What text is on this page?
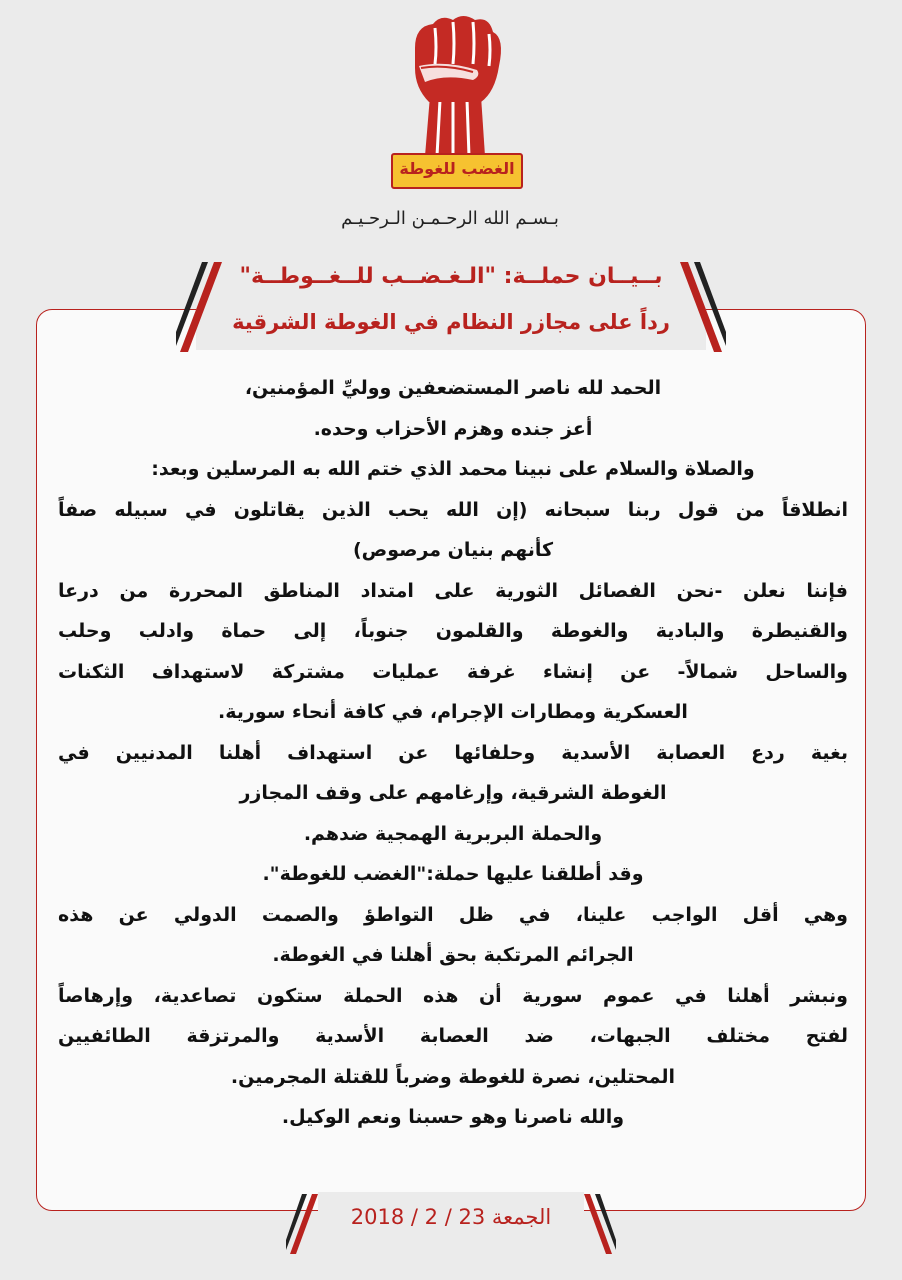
الغضب للغوطة
بـسـم الله الرحـمـن الـرحـيـم
بــيــان حملــة: "الـغـضــب للــغــوطــة"
رداً على مجازر النظام في الغوطة الشرقية
الحمد لله ناصر المستضعفين ووليِّ المؤمنين،
أعز جنده وهزم الأحزاب وحده.
والصلاة والسلام على نبينا محمد الذي ختم الله به المرسلين وبعد:
انطلاقاً من قول ربنا سبحانه (إن الله يحب الذين يقاتلون في سبيله صفاً
كأنهم بنيان مرصوص)
فإننا نعلن -نحن الفصائل الثورية على امتداد المناطق المحررة من درعا
والقنيطرة والبادية والغوطة والقلمون جنوباً، إلى حماة وادلب وحلب
والساحل شمالاً- عن إنشاء غرفة عمليات مشتركة لاستهداف الثكنات
العسكرية ومطارات الإجرام، في كافة أنحاء سورية.
بغية ردع العصابة الأسدية وحلفائها عن استهداف أهلنا المدنيين في
الغوطة الشرقية، وإرغامهم على وقف المجازر
والحملة البربرية الهمجية ضدهم.
وقد أطلقنا عليها حملة:"الغضب للغوطة".
وهي أقل الواجب علينا، في ظل التواطؤ والصمت الدولي عن هذه
الجرائم المرتكبة بحق أهلنا في الغوطة.
ونبشر أهلنا في عموم سورية أن هذه الحملة ستكون تصاعدية، وإرهاصاً
لفتح مختلف الجبهات، ضد العصابة الأسدية والمرتزقة الطائفيين
المحتلين، نصرة للغوطة وضرباً للقتلة المجرمين.
والله ناصرنا وهو حسبنا ونعم الوكيل.
الجمعة 23 / 2 / 2018
